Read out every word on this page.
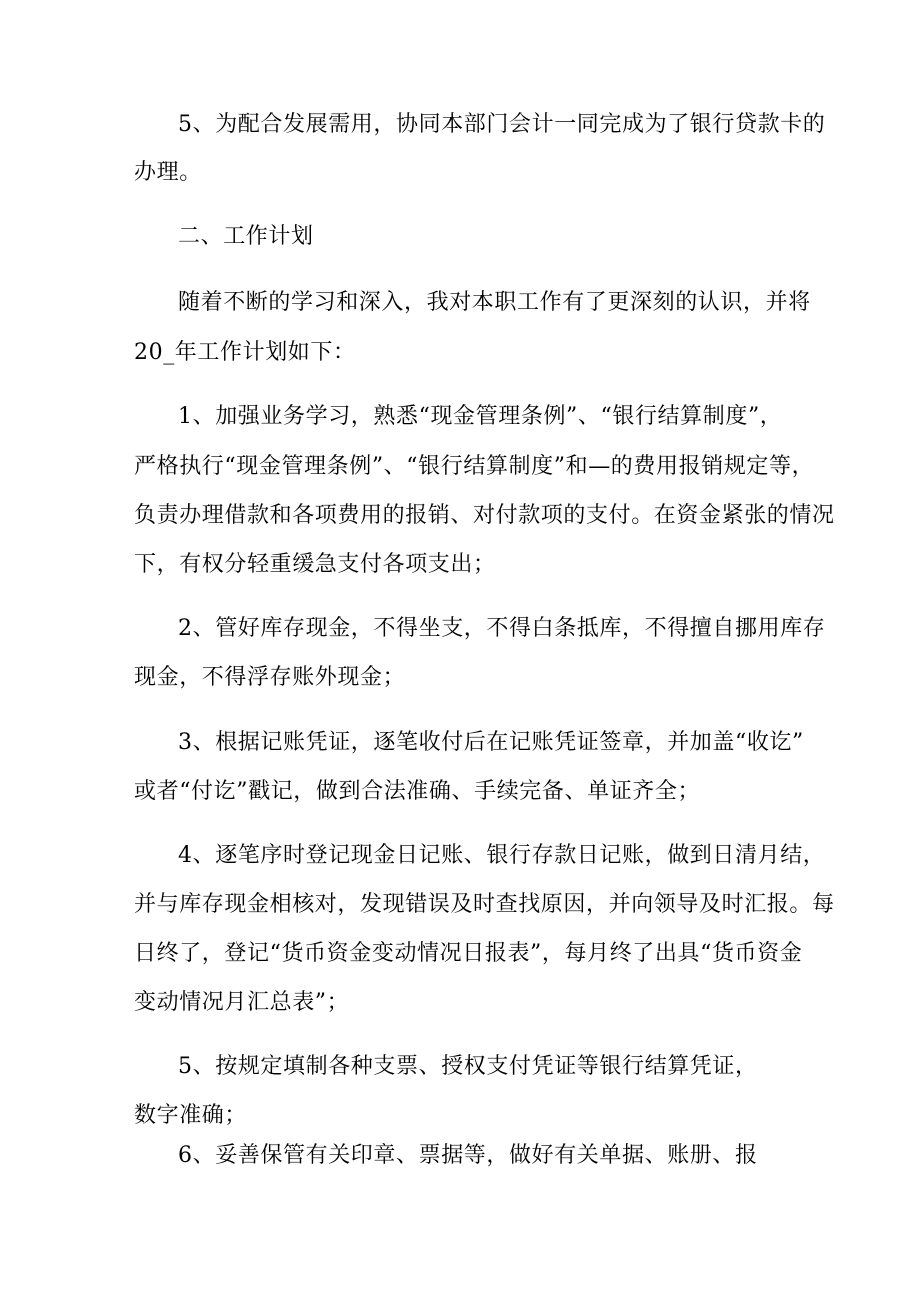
5、为配合发展需用，协同本部门会计一同完成为了银行贷款卡的
办理。
二、工作计划
随着不断的学习和深入，我对本职工作有了更深刻的认识，并将
20_年工作计划如下：
1、加强业务学习，熟悉“现金管理条例”、“银行结算制度”，
严格执行“现金管理条例”、“银行结算制度”和—的费用报销规定等，
负责办理借款和各项费用的报销、对付款项的支付。在资金紧张的情况
下，有权分轻重缓急支付各项支出；
2、管好库存现金，不得坐支，不得白条抵库，不得擅自挪用库存
现金，不得浮存账外现金；
3、根据记账凭证，逐笔收付后在记账凭证签章，并加盖“收讫”
或者“付讫”戳记，做到合法准确、手续完备、单证齐全；
4、逐笔序时登记现金日记账、银行存款日记账，做到日清月结，
并与库存现金相核对，发现错误及时查找原因，并向领导及时汇报。每
日终了，登记“货币资金变动情况日报表”，每月终了出具“货币资金
变动情况月汇总表”；
5、按规定填制各种支票、授权支付凭证等银行结算凭证，
数字准确；
6、妥善保管有关印章、票据等，做好有关单据、账册、报
